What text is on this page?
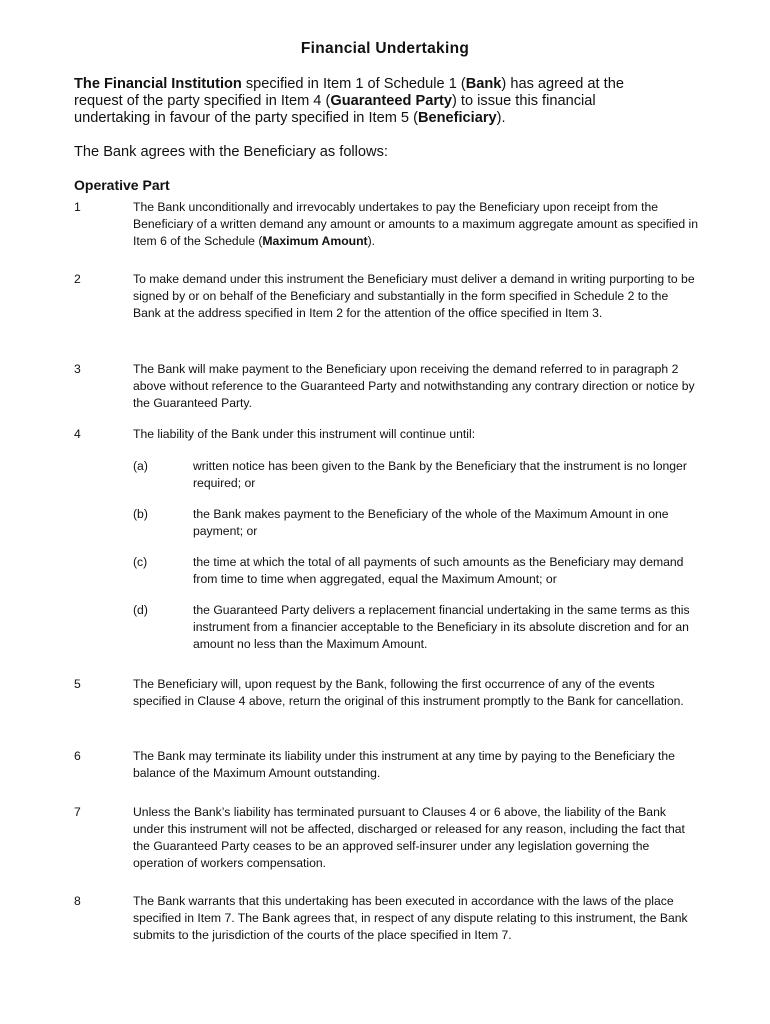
Financial Undertaking
The Financial Institution specified in Item 1 of Schedule 1 (Bank) has agreed at the request of the party specified in Item 4 (Guaranteed Party) to issue this financial undertaking in favour of the party specified in Item 5 (Beneficiary).
The Bank agrees with the Beneficiary as follows:
Operative Part
1	The Bank unconditionally and irrevocably undertakes to pay the Beneficiary upon receipt from the Beneficiary of a written demand any amount or amounts to a maximum aggregate amount as specified in Item 6 of the Schedule (Maximum Amount).
2	To make demand under this instrument the Beneficiary must deliver a demand in writing purporting to be signed by or on behalf of the Beneficiary and substantially in the form specified in Schedule 2 to the Bank at the address specified in Item 2 for the attention of the office specified in Item 3.
3	The Bank will make payment to the Beneficiary upon receiving the demand referred to in paragraph 2 above without reference to the Guaranteed Party and notwithstanding any contrary direction or notice by the Guaranteed Party.
4	The liability of the Bank under this instrument will continue until:
(a)	written notice has been given to the Bank by the Beneficiary that the instrument is no longer required; or
(b)	the Bank makes payment to the Beneficiary of the whole of the Maximum Amount in one payment; or
(c)	the time at which the total of all payments of such amounts as the Beneficiary may demand from time to time when aggregated, equal the Maximum Amount; or
(d)	the Guaranteed Party delivers a replacement financial undertaking in the same terms as this instrument from a financier acceptable to the Beneficiary in its absolute discretion and for an amount no less than the Maximum Amount.
5	The Beneficiary will, upon request by the Bank, following the first occurrence of any of the events specified in Clause 4 above, return the original of this instrument promptly to the Bank for cancellation.
6	The Bank may terminate its liability under this instrument at any time by paying to the Beneficiary the balance of the Maximum Amount outstanding.
7	Unless the Bank’s liability has terminated pursuant to Clauses 4 or 6 above, the liability of the Bank under this instrument will not be affected, discharged or released for any reason, including the fact that the Guaranteed Party ceases to be an approved self-insurer under any legislation governing the operation of workers compensation.
8	The Bank warrants that this undertaking has been executed in accordance with the laws of the place specified in Item 7. The Bank agrees that, in respect of any dispute relating to this instrument, the Bank submits to the jurisdiction of the courts of the place specified in Item 7.
